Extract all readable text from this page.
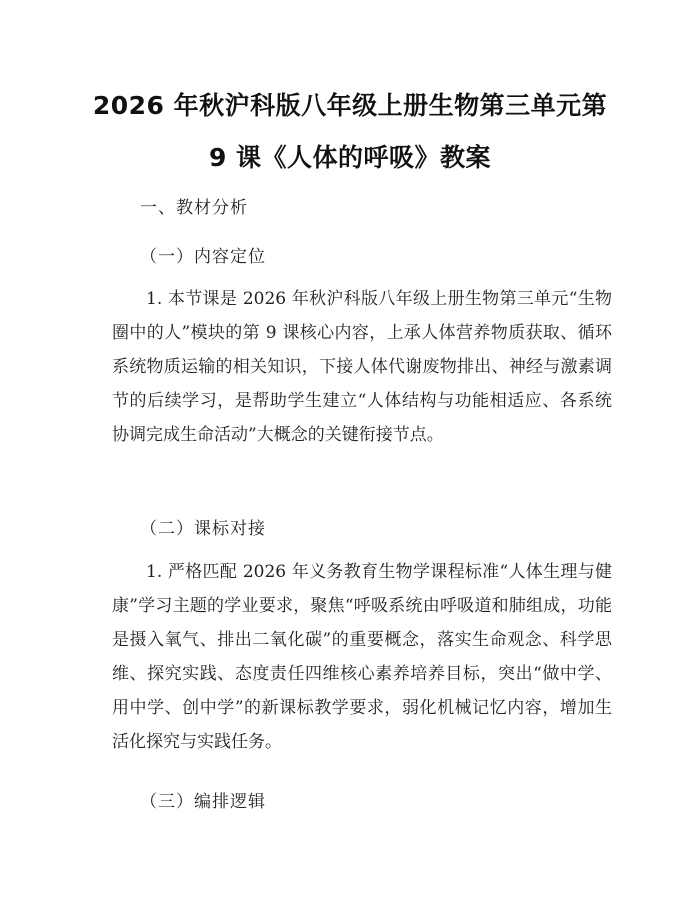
2026 年秋沪科版八年级上册生物第三单元第
9 课《人体的呼吸》教案
一、教材分析
（一）内容定位

1. 本节课是 2026 年秋沪科版八年级上册生物第三单元“生物圈中的人”模块的第 9 课核心内容，上承人体营养物质获取、循环系统物质运输的相关知识，下接人体代谢废物排出、神经与激素调节的后续学习，是帮助学生建立“人体结构与功能相适应、各系统协调完成生命活动”大概念的关键衔接节点。

（二）课标对接

1. 严格匹配 2026 年义务教育生物学课程标准“人体生理与健康”学习主题的学业要求，聚焦“呼吸系统由呼吸道和肺组成，功能是摄入氧气、排出二氧化碳”的重要概念，落实生命观念、科学思维、探究实践、态度责任四维核心素养培养目标，突出“做中学、用中学、创中学”的新课标教学要求，弱化机械记忆内容，增加生活化探究与实践任务。

（三）编排逻辑
